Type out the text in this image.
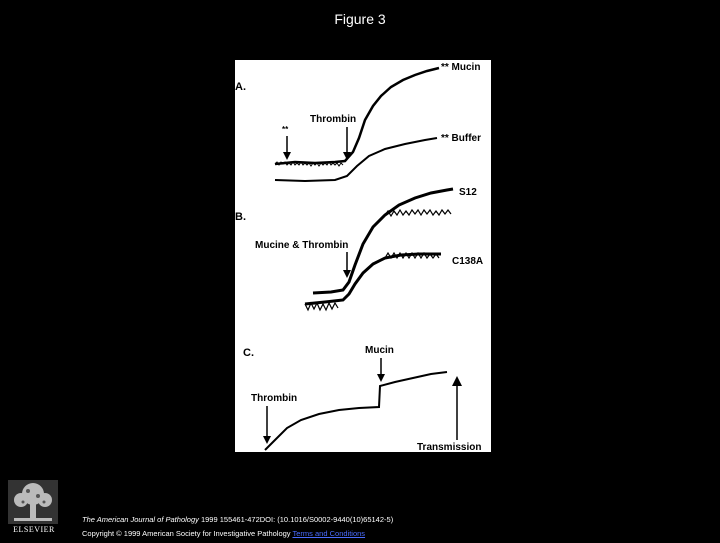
Figure 3
A.
** Mucin
Thrombin
**
** Buffer
B.
S12
Mucine & Thrombin
C138A
C.	Mucin
Thrombin
Transmission
ELSEVIER
The American Journal of Pathology 1999 155461-472DOI: (10.1016/S0002-9440(10)65142-5)
Copyright © 1999 American Society for Investigative Pathology Terms and Conditions
